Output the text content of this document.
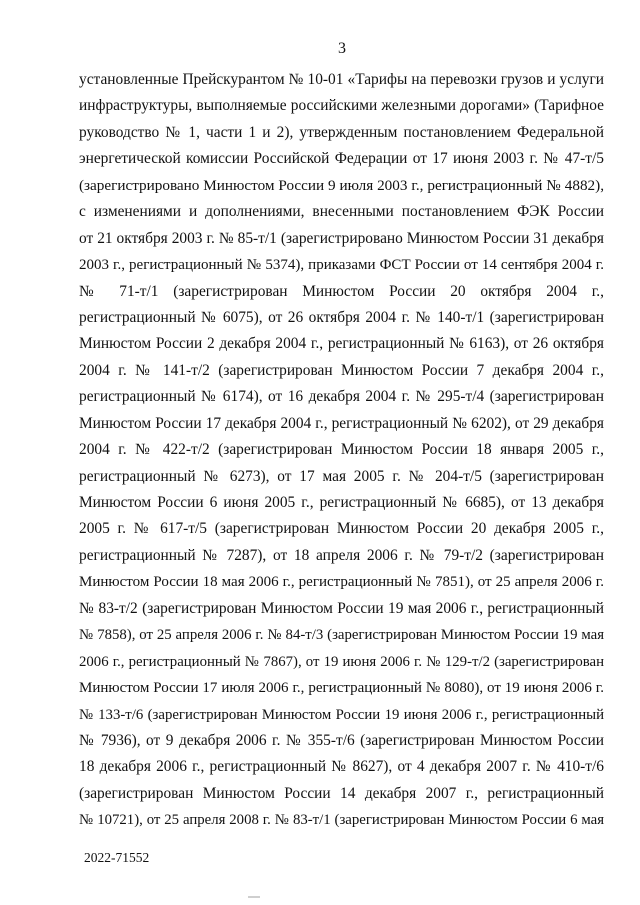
3
установленные Прейскурантом № 10-01 «Тарифы на перевозки грузов и услуги
инфраструктуры, выполняемые российскими железными дорогами» (Тарифное
руководство № 1, части 1 и 2), утвержденным постановлением Федеральной
энергетической комиссии Российской Федерации от 17 июня 2003 г. № 47-т/5
(зарегистрировано Минюстом России 9 июля 2003 г., регистрационный № 4882),
с изменениями и дополнениями, внесенными постановлением ФЭК России
от 21 октября 2003 г. № 85-т/1 (зарегистрировано Минюстом России 31 декабря
2003 г., регистрационный № 5374), приказами ФСТ России от 14 сентября 2004 г.
№ 71-т/1 (зарегистрирован Минюстом России 20 октября 2004 г.,
регистрационный № 6075), от 26 октября 2004 г. № 140-т/1 (зарегистрирован
Минюстом России 2 декабря 2004 г., регистрационный № 6163), от 26 октября
2004 г. № 141-т/2 (зарегистрирован Минюстом России 7 декабря 2004 г.,
регистрационный № 6174), от 16 декабря 2004 г. № 295-т/4 (зарегистрирован
Минюстом России 17 декабря 2004 г., регистрационный № 6202), от 29 декабря
2004 г. № 422-т/2 (зарегистрирован Минюстом России 18 января 2005 г.,
регистрационный № 6273), от 17 мая 2005 г. № 204-т/5 (зарегистрирован
Минюстом России 6 июня 2005 г., регистрационный № 6685), от 13 декабря
2005 г. № 617-т/5 (зарегистрирован Минюстом России 20 декабря 2005 г.,
регистрационный № 7287), от 18 апреля 2006 г. № 79-т/2 (зарегистрирован
Минюстом России 18 мая 2006 г., регистрационный № 7851), от 25 апреля 2006 г.
№ 83-т/2 (зарегистрирован Минюстом России 19 мая 2006 г., регистрационный
№ 7858), от 25 апреля 2006 г. № 84-т/3 (зарегистрирован Минюстом России 19 мая
2006 г., регистрационный № 7867), от 19 июня 2006 г. № 129-т/2 (зарегистрирован
Минюстом России 17 июля 2006 г., регистрационный № 8080), от 19 июня 2006 г.
№ 133-т/6 (зарегистрирован Минюстом России 19 июня 2006 г., регистрационный
№ 7936), от 9 декабря 2006 г. № 355-т/6 (зарегистрирован Минюстом России
18 декабря 2006 г., регистрационный № 8627), от 4 декабря 2007 г. № 410-т/6
(зарегистрирован Минюстом России 14 декабря 2007 г., регистрационный
№ 10721), от 25 апреля 2008 г. № 83-т/1 (зарегистрирован Минюстом России 6 мая
2022-71552
